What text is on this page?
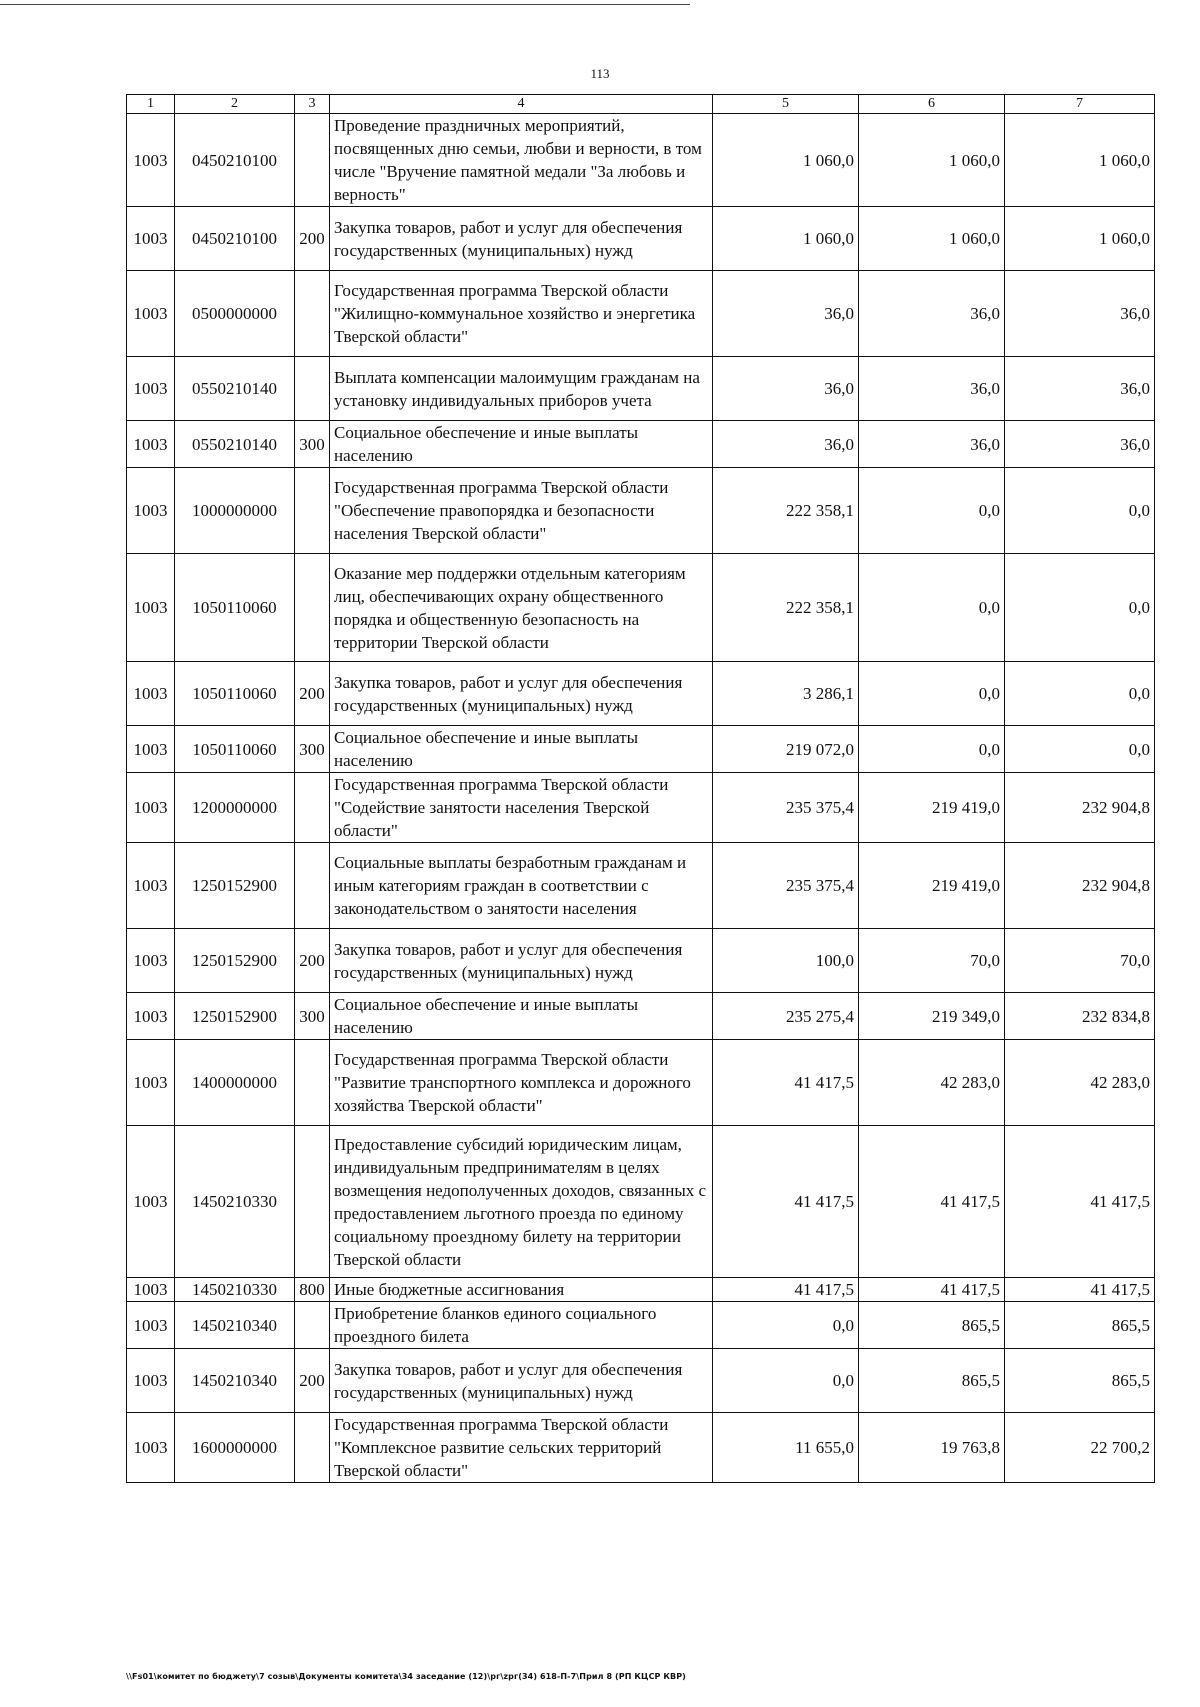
113
1	2	3	4	5	6	7
1003	0450210100		Проведение праздничных мероприятий, посвященных дню семьи, любви и верности, в том числе "Вручение памятной медали "За любовь и верность"	1 060,0	1 060,0	1 060,0
1003	0450210100	200	Закупка товаров, работ и услуг для обеспечения государственных (муниципальных) нужд	1 060,0	1 060,0	1 060,0
1003	0500000000		Государственная программа Тверской области "Жилищно-коммунальное хозяйство и энергетика Тверской области"	36,0	36,0	36,0
1003	0550210140		Выплата компенсации малоимущим гражданам на установку индивидуальных приборов учета	36,0	36,0	36,0
1003	0550210140	300	Социальное обеспечение и иные выплаты населению	36,0	36,0	36,0
1003	1000000000		Государственная программа Тверской области "Обеспечение правопорядка и безопасности населения Тверской области"	222 358,1	0,0	0,0
1003	1050110060		Оказание мер поддержки отдельным категориям лиц, обеспечивающих охрану общественного порядка и общественную безопасность на территории Тверской области	222 358,1	0,0	0,0
1003	1050110060	200	Закупка товаров, работ и услуг для обеспечения государственных (муниципальных) нужд	3 286,1	0,0	0,0
1003	1050110060	300	Социальное обеспечение и иные выплаты населению	219 072,0	0,0	0,0
1003	1200000000		Государственная программа Тверской области "Содействие занятости населения Тверской области"	235 375,4	219 419,0	232 904,8
1003	1250152900		Социальные выплаты безработным гражданам и иным категориям граждан в соответствии с законодательством о занятости населения	235 375,4	219 419,0	232 904,8
1003	1250152900	200	Закупка товаров, работ и услуг для обеспечения государственных (муниципальных) нужд	100,0	70,0	70,0
1003	1250152900	300	Социальное обеспечение и иные выплаты населению	235 275,4	219 349,0	232 834,8
1003	1400000000		Государственная программа Тверской области "Развитие транспортного комплекса и дорожного хозяйства Тверской области"	41 417,5	42 283,0	42 283,0
1003	1450210330		Предоставление субсидий юридическим лицам, индивидуальным предпринимателям в целях возмещения недополученных доходов, связанных с предоставлением льготного проезда по единому социальному проездному билету на территории Тверской области	41 417,5	41 417,5	41 417,5
1003	1450210330	800	Иные бюджетные ассигнования	41 417,5	41 417,5	41 417,5
1003	1450210340		Приобретение бланков единого социального проездного билета	0,0	865,5	865,5
1003	1450210340	200	Закупка товаров, работ и услуг для обеспечения государственных (муниципальных) нужд	0,0	865,5	865,5
1003	1600000000		Государственная программа Тверской области "Комплексное развитие сельских территорий Тверской области"	11 655,0	19 763,8	22 700,2
\\Fs01\комитет по бюджету\7 созыв\Документы комитета\34 заседание (12)\рг\zрг(34) 618-П-7\Прил 8 (РП КЦСР КВР)
